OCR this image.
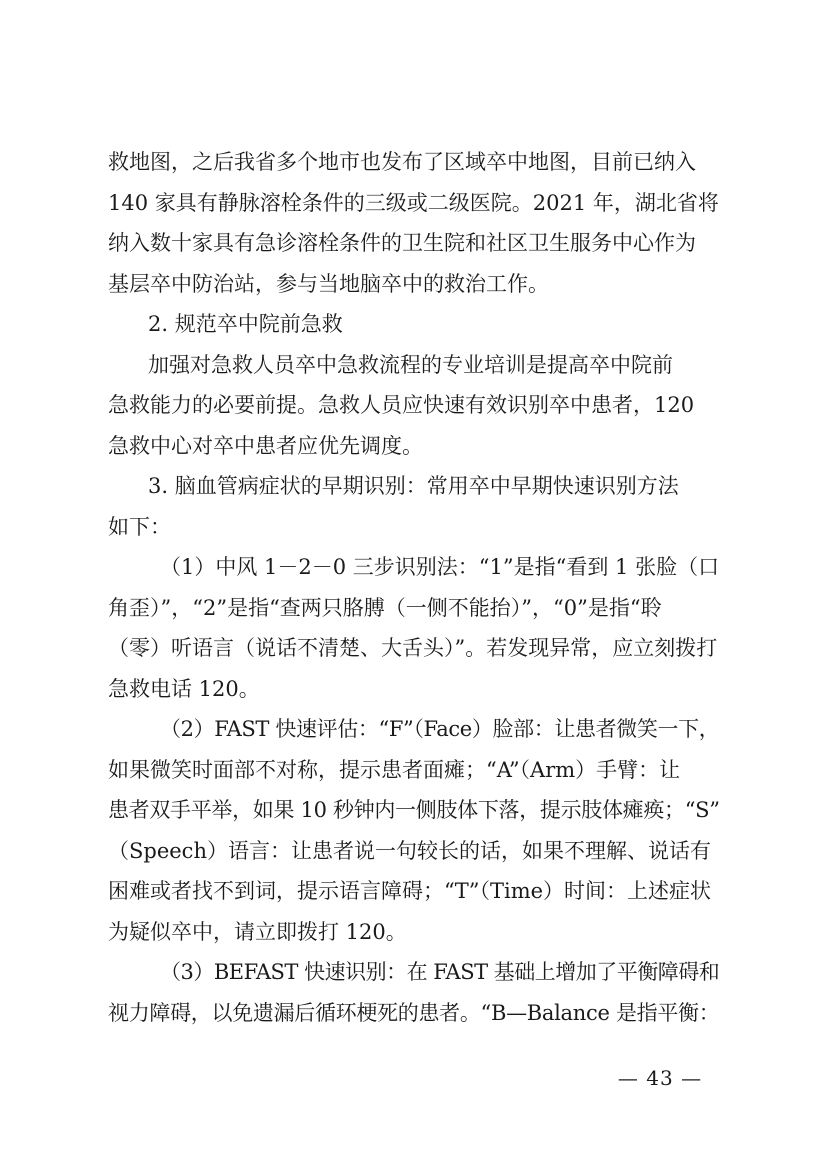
救地图，之后我省多个地市也发布了区域卒中地图，目前已纳入
140 家具有静脉溶栓条件的三级或二级医院。2021 年，湖北省将
纳入数十家具有急诊溶栓条件的卫生院和社区卫生服务中心作为
基层卒中防治站，参与当地脑卒中的救治工作。
2. 规范卒中院前急救
加强对急救人员卒中急救流程的专业培训是提高卒中院前
急救能力的必要前提。急救人员应快速有效识别卒中患者，120
急救中心对卒中患者应优先调度。
3. 脑血管病症状的早期识别：常用卒中早期快速识别方法
如下：
（1）中风 1－2－0 三步识别法：“1”是指“看到 1 张脸（口
角歪）”，“2”是指“查两只胳膊（一侧不能抬）”，“0”是指“聆
（零）听语言（说话不清楚、大舌头）”。若发现异常，应立刻拨打
急救电话 120。
（2）FAST 快速评估：“F”（Face）脸部：让患者微笑一下，
如果微笑时面部不对称，提示患者面瘫；“A”（Arm）手臂：让
患者双手平举，如果 10 秒钟内一侧肢体下落，提示肢体瘫痪；“S”
（Speech）语言：让患者说一句较长的话，如果不理解、说话有
困难或者找不到词，提示语言障碍；“T”（Time）时间：上述症状
为疑似卒中，请立即拨打 120。
（3）BEFAST 快速识别：在 FAST 基础上增加了平衡障碍和
视力障碍，以免遗漏后循环梗死的患者。“B—Balance 是指平衡：
— 43 —
